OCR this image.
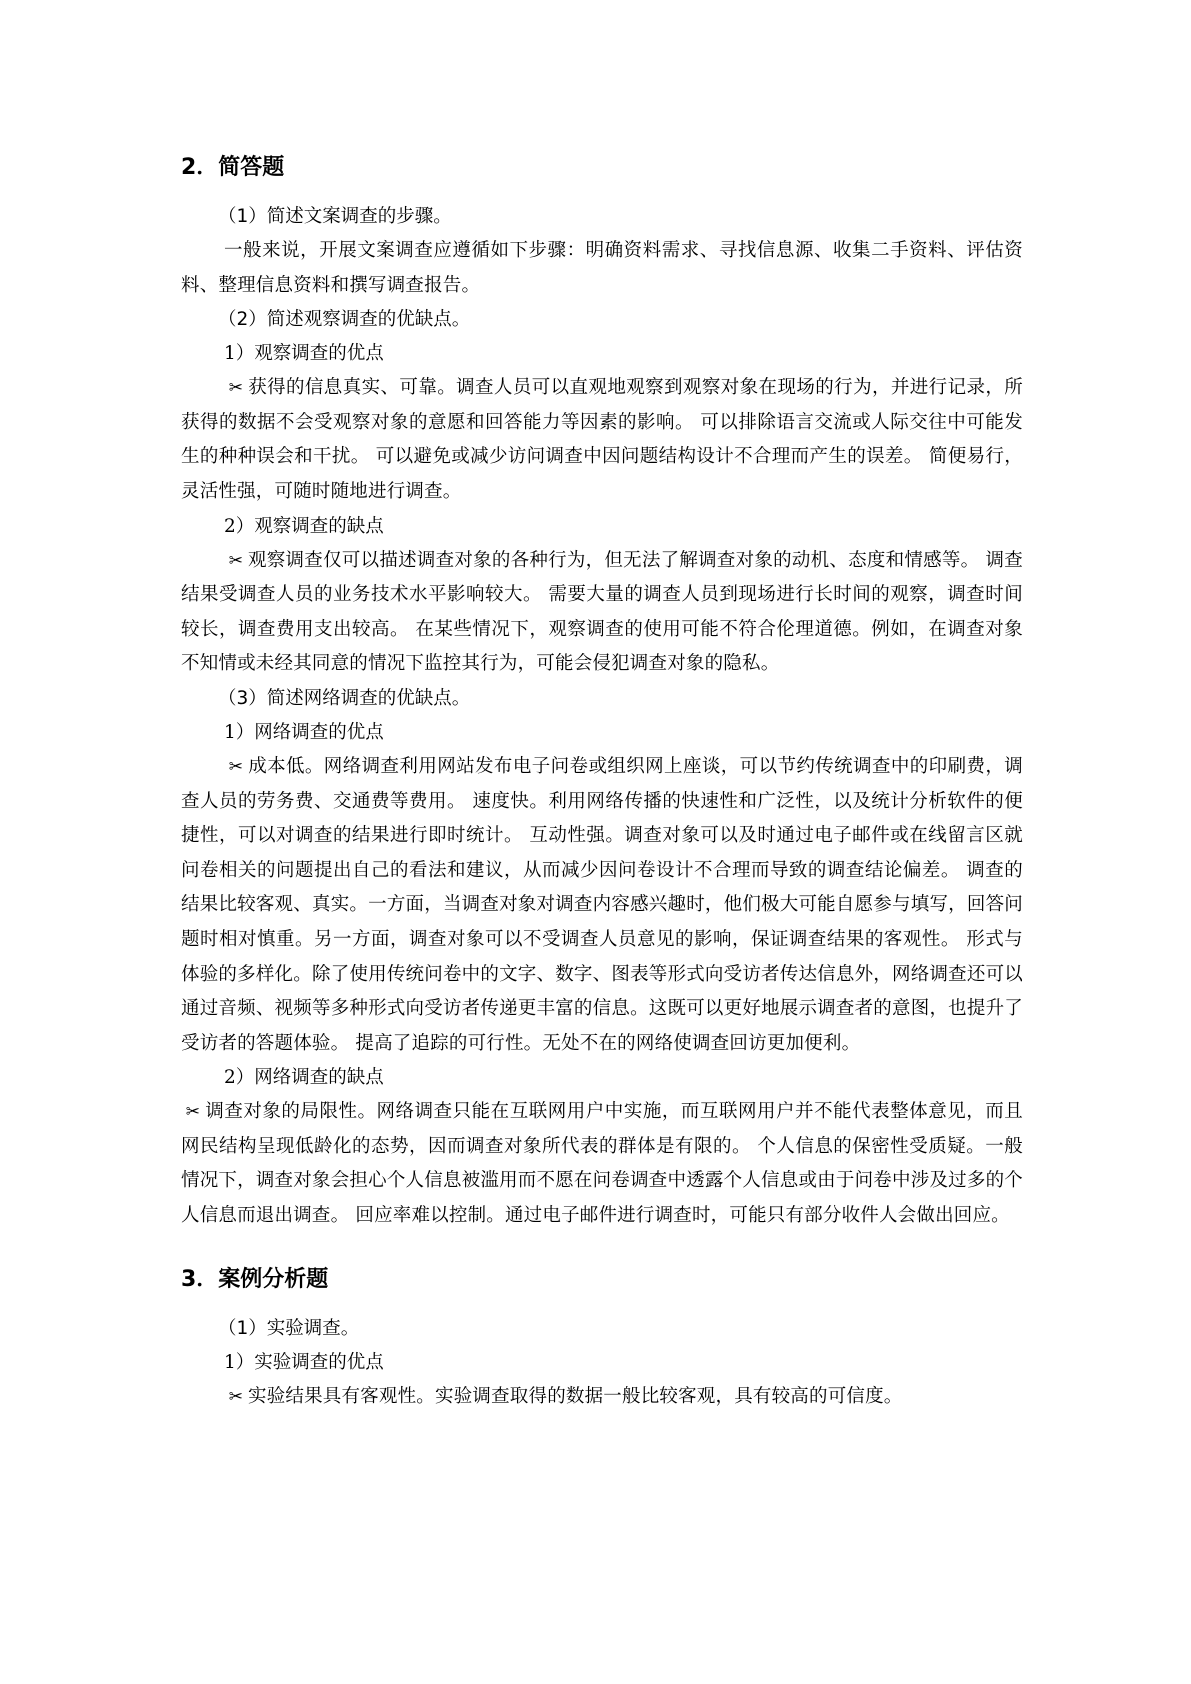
2．简答题

（1）简述文案调查的步骤。

一般来说，开展文案调查应遵循如下步骤：明确资料需求、寻找信息源、收集二手资料、评估资料、整理信息资料和撰写调查报告。

（2）简述观察调查的优缺点。

1）观察调查的优点

✂ 获得的信息真实、可靠。调查人员可以直观地观察到观察对象在现场的行为，并进行记录，所获得的数据不会受观察对象的意愿和回答能力等因素的影响。 可以排除语言交流或人际交往中可能发生的种种误会和干扰。 可以避免或减少访问调查中因问题结构设计不合理而产生的误差。 简便易行，灵活性强，可随时随地进行调查。

2）观察调查的缺点

✂ 观察调查仅可以描述调查对象的各种行为，但无法了解调查对象的动机、态度和情感等。 调查结果受调查人员的业务技术水平影响较大。 需要大量的调查人员到现场进行长时间的观察，调查时间较长，调查费用支出较高。 在某些情况下，观察调查的使用可能不符合伦理道德。例如，在调查对象不知情或未经其同意的情况下监控其行为，可能会侵犯调查对象的隐私。

（3）简述网络调查的优缺点。

1）网络调查的优点

✂ 成本低。网络调查利用网站发布电子问卷或组织网上座谈，可以节约传统调查中的印刷费，调查人员的劳务费、交通费等费用。 速度快。利用网络传播的快速性和广泛性，以及统计分析软件的便捷性，可以对调查的结果进行即时统计。 互动性强。调查对象可以及时通过电子邮件或在线留言区就问卷相关的问题提出自己的看法和建议，从而减少因问卷设计不合理而导致的调查结论偏差。 调查的结果比较客观、真实。一方面，当调查对象对调查内容感兴趣时，他们极大可能自愿参与填写，回答问题时相对慎重。另一方面，调查对象可以不受调查人员意见的影响，保证调查结果的客观性。 形式与体验的多样化。除了使用传统问卷中的文字、数字、图表等形式向受访者传达信息外，网络调查还可以通过音频、视频等多种形式向受访者传递更丰富的信息。这既可以更好地展示调查者的意图，也提升了受访者的答题体验。 提高了追踪的可行性。无处不在的网络使调查回访更加便利。

2）网络调查的缺点

✂ 调查对象的局限性。网络调查只能在互联网用户中实施，而互联网用户并不能代表整体意见，而且网民结构呈现低龄化的态势，因而调查对象所代表的群体是有限的。 个人信息的保密性受质疑。一般情况下，调查对象会担心个人信息被滥用而不愿在问卷调查中透露个人信息或由于问卷中涉及过多的个人信息而退出调查。 回应率难以控制。通过电子邮件进行调查时，可能只有部分收件人会做出回应。

3．案例分析题

（1）实验调查。

1）实验调查的优点

✂ 实验结果具有客观性。实验调查取得的数据一般比较客观，具有较高的可信度。
